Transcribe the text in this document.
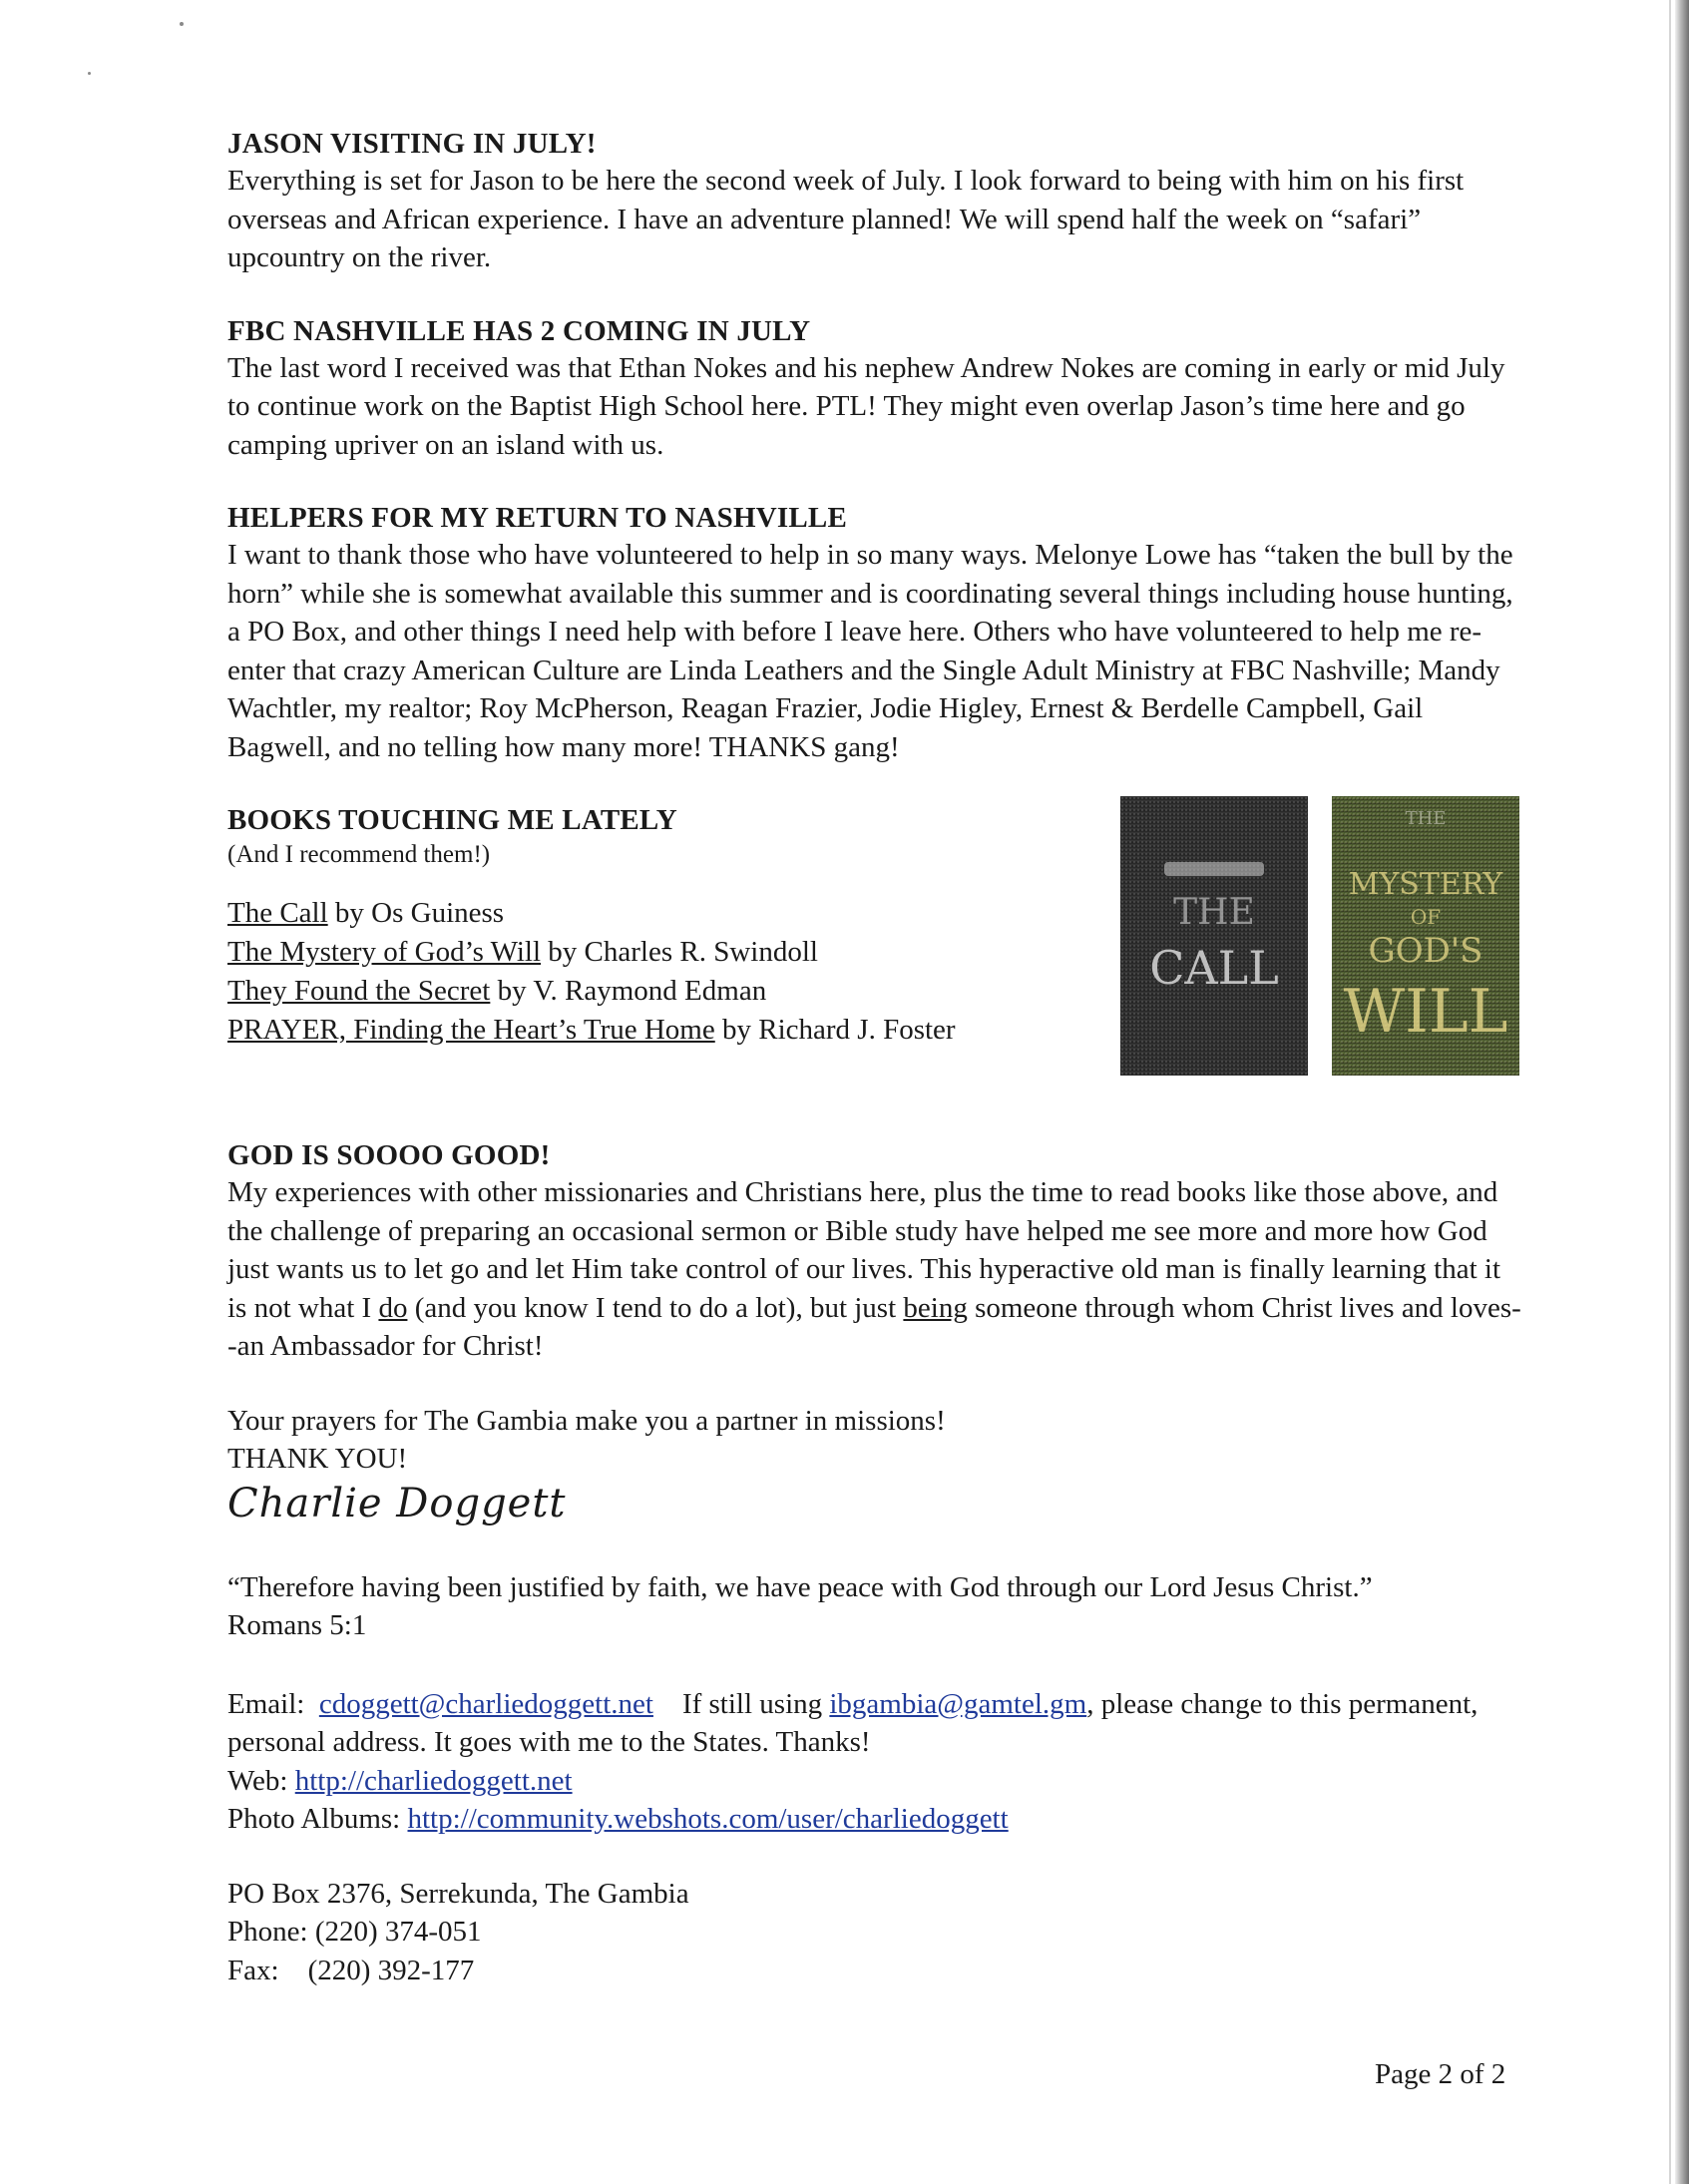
JASON VISITING IN JULY!

Everything is set for Jason to be here the second week of July. I look forward to being with him on his first overseas and African experience. I have an adventure planned! We will spend half the week on “safari” upcountry on the river.

FBC NASHVILLE HAS 2 COMING IN JULY

The last word I received was that Ethan Nokes and his nephew Andrew Nokes are coming in early or mid July to continue work on the Baptist High School here. PTL! They might even overlap Jason’s time here and go camping upriver on an island with us.

HELPERS FOR MY RETURN TO NASHVILLE

I want to thank those who have volunteered to help in so many ways. Melonye Lowe has “taken the bull by the horn” while she is somewhat available this summer and is coordinating several things including house hunting, a PO Box, and other things I need help with before I leave here. Others who have volunteered to help me re-enter that crazy American Culture are Linda Leathers and the Single Adult Ministry at FBC Nashville; Mandy Wachtler, my realtor; Roy McPherson, Reagan Frazier, Jodie Higley, Ernest & Berdelle Campbell, Gail Bagwell, and no telling how many more! THANKS gang!

BOOKS TOUCHING ME LATELY

(And I recommend them!)

The Call by Os Guiness

The Mystery of God’s Will by Charles R. Swindoll

They Found the Secret by V. Raymond Edman

PRAYER, Finding the Heart’s True Home by Richard J. Foster

THE
CALL
THE
MYSTERY
OF
GOD'S
WILL

GOD IS SOOOO GOOD!

My experiences with other missionaries and Christians here, plus the time to read books like those above, and the challenge of preparing an occasional sermon or Bible study have helped me see more and more how God just wants us to let go and let Him take control of our lives. This hyperactive old man is finally learning that it is not what I do (and you know I tend to do a lot), but just being someone through whom Christ lives and loves--an Ambassador for Christ!

Your prayers for The Gambia make you a partner in missions!

THANK YOU!

Charlie Doggett

“Therefore having been justified by faith, we have peace with God through our Lord Jesus Christ.” Romans 5:1

Email: cdoggett@charliedoggett.net If still using ibgambia@gamtel.gm, please change to this permanent, personal address. It goes with me to the States. Thanks!

Web: http://charliedoggett.net

Photo Albums: http://community.webshots.com/user/charliedoggett

PO Box 2376, Serrekunda, The Gambia

Phone: (220) 374-051

Fax: (220) 392-177

Page 2 of 2
